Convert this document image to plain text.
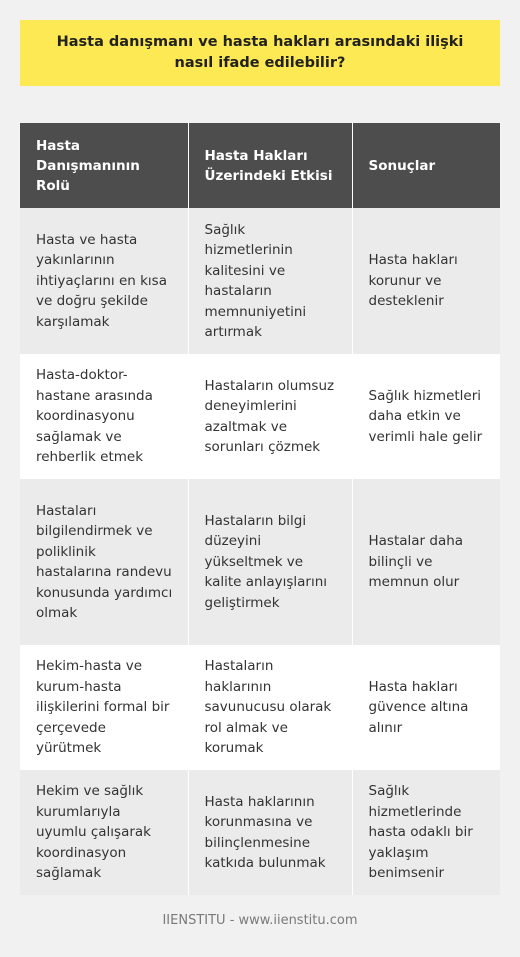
Hasta danışmanı ve hasta hakları arasındaki ilişki nasıl ifade edilebilir?
Hasta Danışmanının Rolü	Hasta Hakları Üzerindeki Etkisi	Sonuçlar
Hasta ve hasta yakınlarının ihtiyaçlarını en kısa ve doğru şekilde karşılamak	Sağlık hizmetlerinin kalitesini ve hastaların memnuniyetini artırmak	Hasta hakları korunur ve desteklenir
Hasta-doktor-hastane arasında koordinasyonu sağlamak ve rehberlik etmek	Hastaların olumsuz deneyimlerini azaltmak ve sorunları çözmek	Sağlık hizmetleri daha etkin ve verimli hale gelir
Hastaları bilgilendirmek ve poliklinik hastalarına randevu konusunda yardımcı olmak	Hastaların bilgi düzeyini yükseltmek ve kalite anlayışlarını geliştirmek	Hastalar daha bilinçli ve memnun olur
Hekim-hasta ve kurum-hasta ilişkilerini formal bir çerçevede yürütmek	Hastaların haklarının savunucusu olarak rol almak ve korumak	Hasta hakları güvence altına alınır
Hekim ve sağlık kurumlarıyla uyumlu çalışarak koordinasyon sağlamak	Hasta haklarının korunmasına ve bilinçlenmesine katkıda bulunmak	Sağlık hizmetlerinde hasta odaklı bir yaklaşım benimsenir
IIENSTITU - www.iienstitu.com
